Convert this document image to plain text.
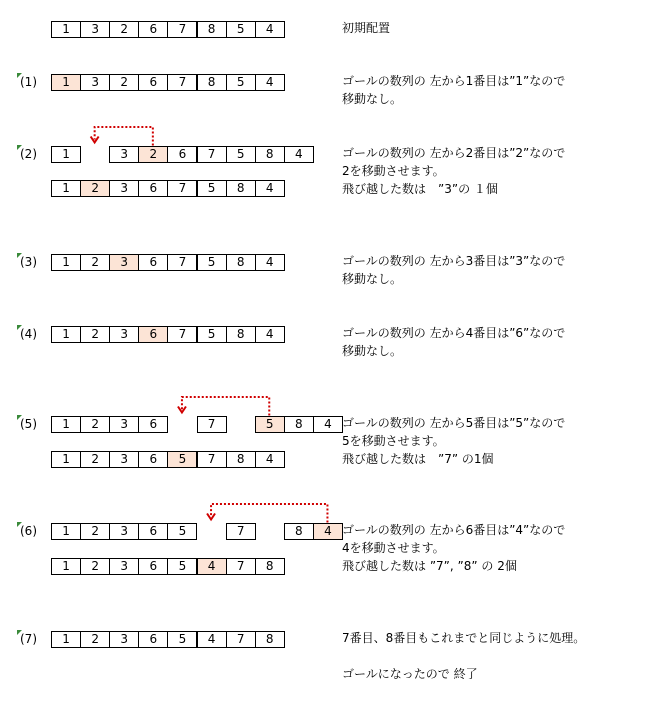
1	3	2	6	7	8	5	4	初期配置
(1)	1	3	2	6	7	8	5	4	ゴールの数列の 左から1番目は”1”なので
移動なし。
(2)	1	3	2	6	7	5	8	4
1	2	3	6	7	5	8	4
ゴールの数列の 左から2番目は”2”なので
2を移動させます。
飛び越した数は　”3”の １個
(3)	1	2	3	6	7	5	8	4	ゴールの数列の 左から3番目は”3”なので
移動なし。
(4)	1	2	3	6	7	5	8	4	ゴールの数列の 左から4番目は”6”なので
移動なし。
(5)	1	2	3	6	7	5	8	4
1	2	3	6	5	7	8	4
ゴールの数列の 左から5番目は”5”なので
5を移動させます。
飛び越した数は　”7” の1個
(6)	1	2	3	6	5	7	8	4
1	2	3	6	5	4	7	8
ゴールの数列の 左から6番目は”4”なので
4を移動させます。
飛び越した数は ”7”, ”8” の 2個
(7)	1	2	3	6	5	4	7	8	7番目、8番目もこれまでと同じように処理。
ゴールになったので 終了
